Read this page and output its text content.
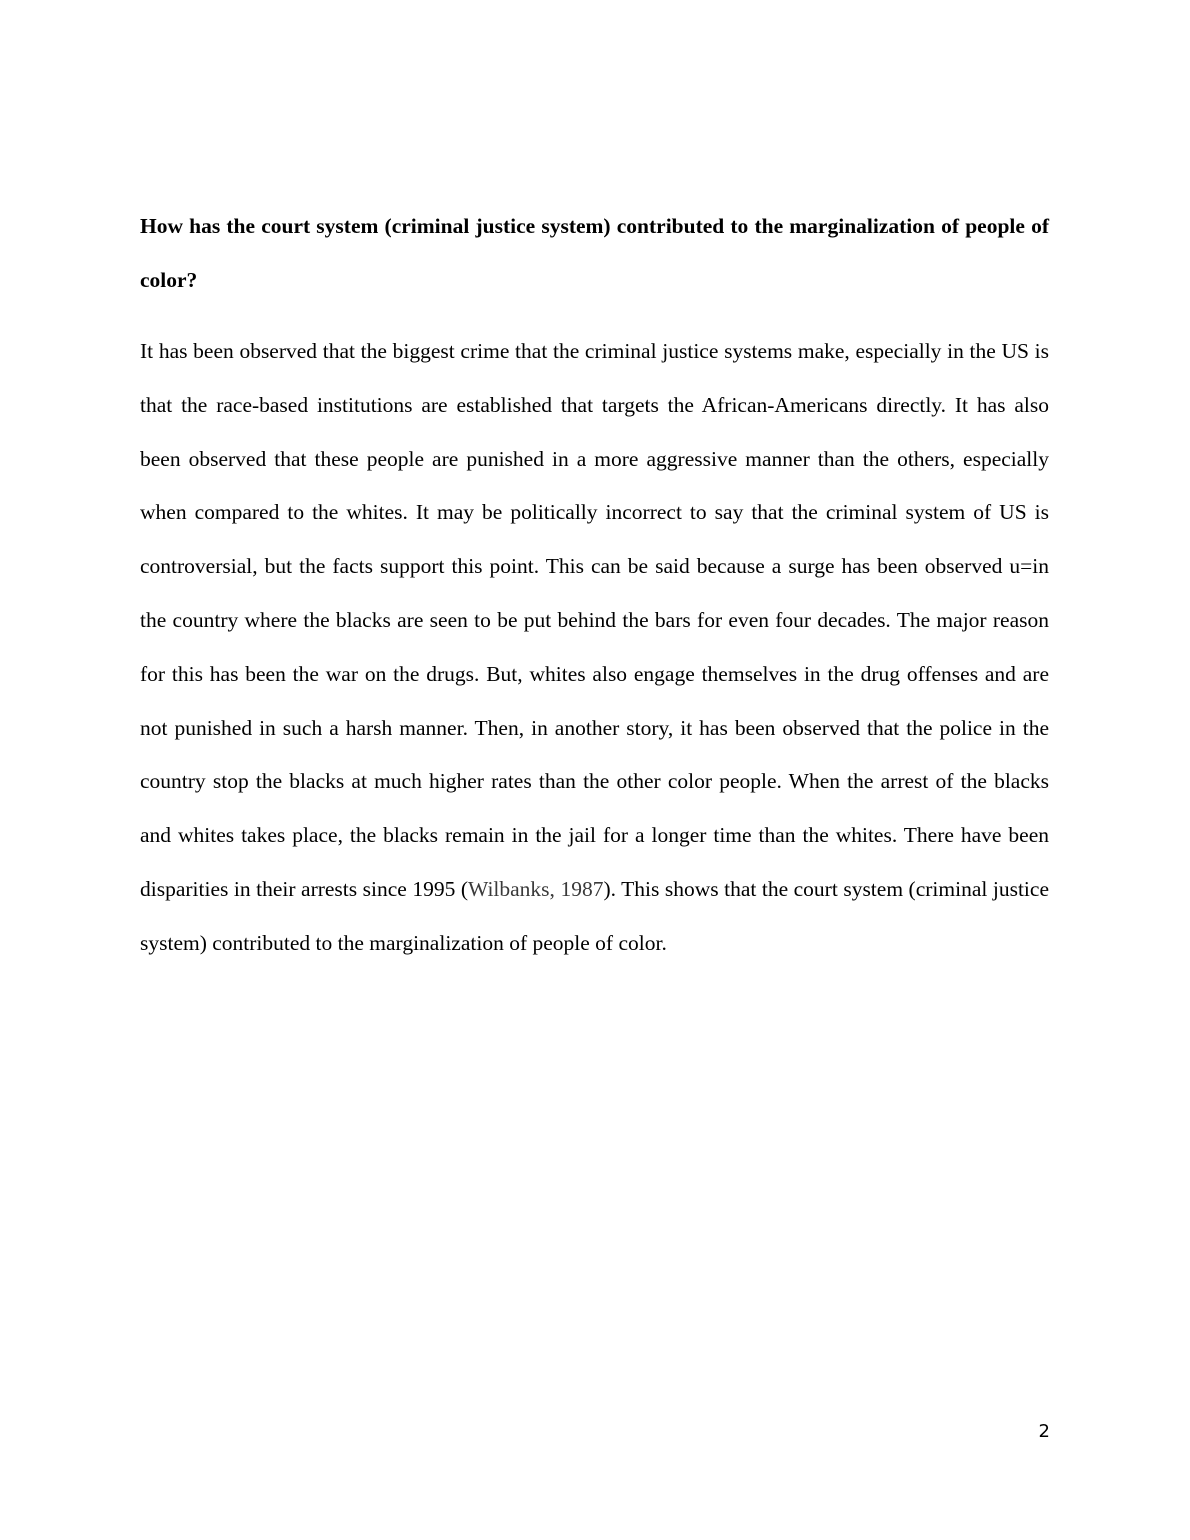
How has the court system (criminal justice system) contributed to the marginalization of people of color?

It has been observed that the biggest crime that the criminal justice systems make, especially in the US is that the race-based institutions are established that targets the African-Americans directly. It has also been observed that these people are punished in a more aggressive manner than the others, especially when compared to the whites. It may be politically incorrect to say that the criminal system of US is controversial, but the facts support this point. This can be said because a surge has been observed u=in the country where the blacks are seen to be put behind the bars for even four decades. The major reason for this has been the war on the drugs. But, whites also engage themselves in the drug offenses and are not punished in such a harsh manner. Then, in another story, it has been observed that the police in the country stop the blacks at much higher rates than the other color people. When the arrest of the blacks and whites takes place, the blacks remain in the jail for a longer time than the whites. There have been disparities in their arrests since 1995 (Wilbanks, 1987). This shows that the court system (criminal justice system) contributed to the marginalization of people of color.

2
